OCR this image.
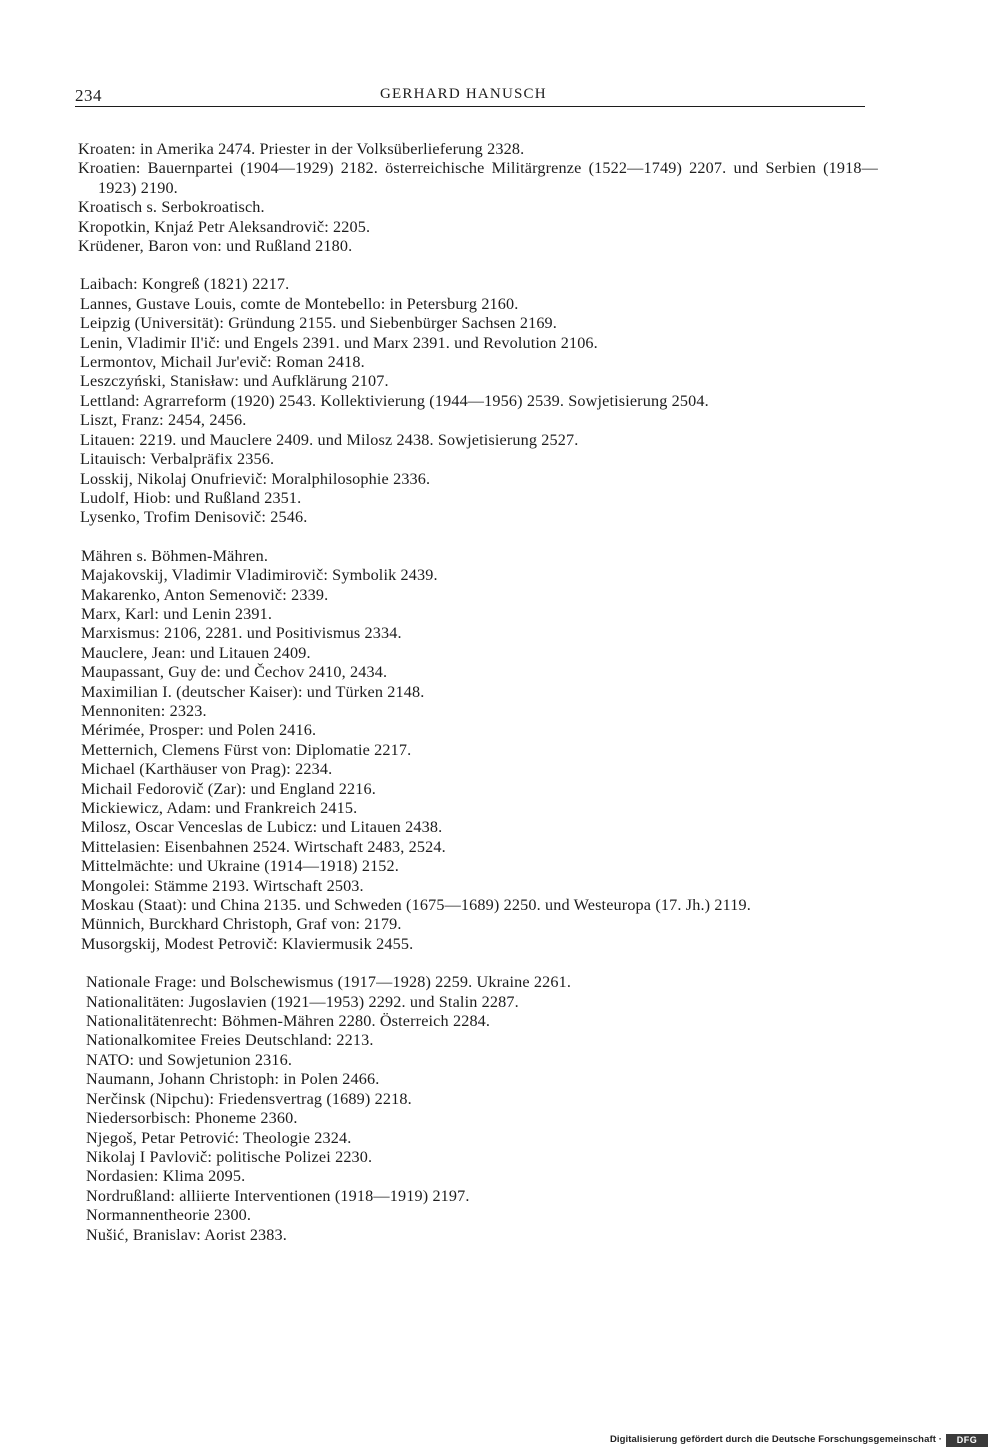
234	GERHARD HANUSCH
Kroaten: in Amerika 2474. Priester in der Volksüberlieferung 2328.
Kroatien: Bauernpartei (1904—1929) 2182. österreichische Militärgrenze (1522—1749) 2207. und Serbien (1918—1923) 2190.
Kroatisch s. Serbokroatisch.
Kropotkin, Knjaź Petr Aleksandrovič: 2205.
Krüdener, Baron von: und Rußland 2180.
Laibach: Kongreß (1821) 2217.
Lannes, Gustave Louis, comte de Montebello: in Petersburg 2160.
Leipzig (Universität): Gründung 2155. und Siebenbürger Sachsen 2169.
Lenin, Vladimir Il'ič: und Engels 2391. und Marx 2391. und Revolution 2106.
Lermontov, Michail Jur'evič: Roman 2418.
Leszczyński, Stanisław: und Aufklärung 2107.
Lettland: Agrarreform (1920) 2543. Kollektivierung (1944—1956) 2539. Sowjetisierung 2504.
Liszt, Franz: 2454, 2456.
Litauen: 2219. und Mauclere 2409. und Milosz 2438. Sowjetisierung 2527.
Litauisch: Verbalpräfix 2356.
Losskij, Nikolaj Onufrievič: Moralphilosophie 2336.
Ludolf, Hiob: und Rußland 2351.
Lysenko, Trofim Denisovič: 2546.
Mähren s. Böhmen-Mähren.
Majakovskij, Vladimir Vladimirovič: Symbolik 2439.
Makarenko, Anton Semenovič: 2339.
Marx, Karl: und Lenin 2391.
Marxismus: 2106, 2281. und Positivismus 2334.
Mauclere, Jean: und Litauen 2409.
Maupassant, Guy de: und Čechov 2410, 2434.
Maximilian I. (deutscher Kaiser): und Türken 2148.
Mennoniten: 2323.
Mérimée, Prosper: und Polen 2416.
Metternich, Clemens Fürst von: Diplomatie 2217.
Michael (Karthäuser von Prag): 2234.
Michail Fedorovič (Zar): und England 2216.
Mickiewicz, Adam: und Frankreich 2415.
Milosz, Oscar Venceslas de Lubicz: und Litauen 2438.
Mittelasien: Eisenbahnen 2524. Wirtschaft 2483, 2524.
Mittelmächte: und Ukraine (1914—1918) 2152.
Mongolei: Stämme 2193. Wirtschaft 2503.
Moskau (Staat): und China 2135. und Schweden (1675—1689) 2250. und Westeuropa (17. Jh.) 2119.
Münnich, Burckhard Christoph, Graf von: 2179.
Musorgskij, Modest Petrovič: Klaviermusik 2455.
Nationale Frage: und Bolschewismus (1917—1928) 2259. Ukraine 2261.
Nationalitäten: Jugoslavien (1921—1953) 2292. und Stalin 2287.
Nationalitätenrecht: Böhmen-Mähren 2280. Österreich 2284.
Nationalkomitee Freies Deutschland: 2213.
NATO: und Sowjetunion 2316.
Naumann, Johann Christoph: in Polen 2466.
Nerčinsk (Nipchu): Friedensvertrag (1689) 2218.
Niedersorbisch: Phoneme 2360.
Njegoš, Petar Petrović: Theologie 2324.
Nikolaj I Pavlovič: politische Polizei 2230.
Nordasien: Klima 2095.
Nordrußland: alliierte Interventionen (1918—1919) 2197.
Normannentheorie 2300.
Nušić, Branislav: Aorist 2383.
Digitalisierung gefördert durch die Deutsche Forschungsgemeinschaft ·	DFG
